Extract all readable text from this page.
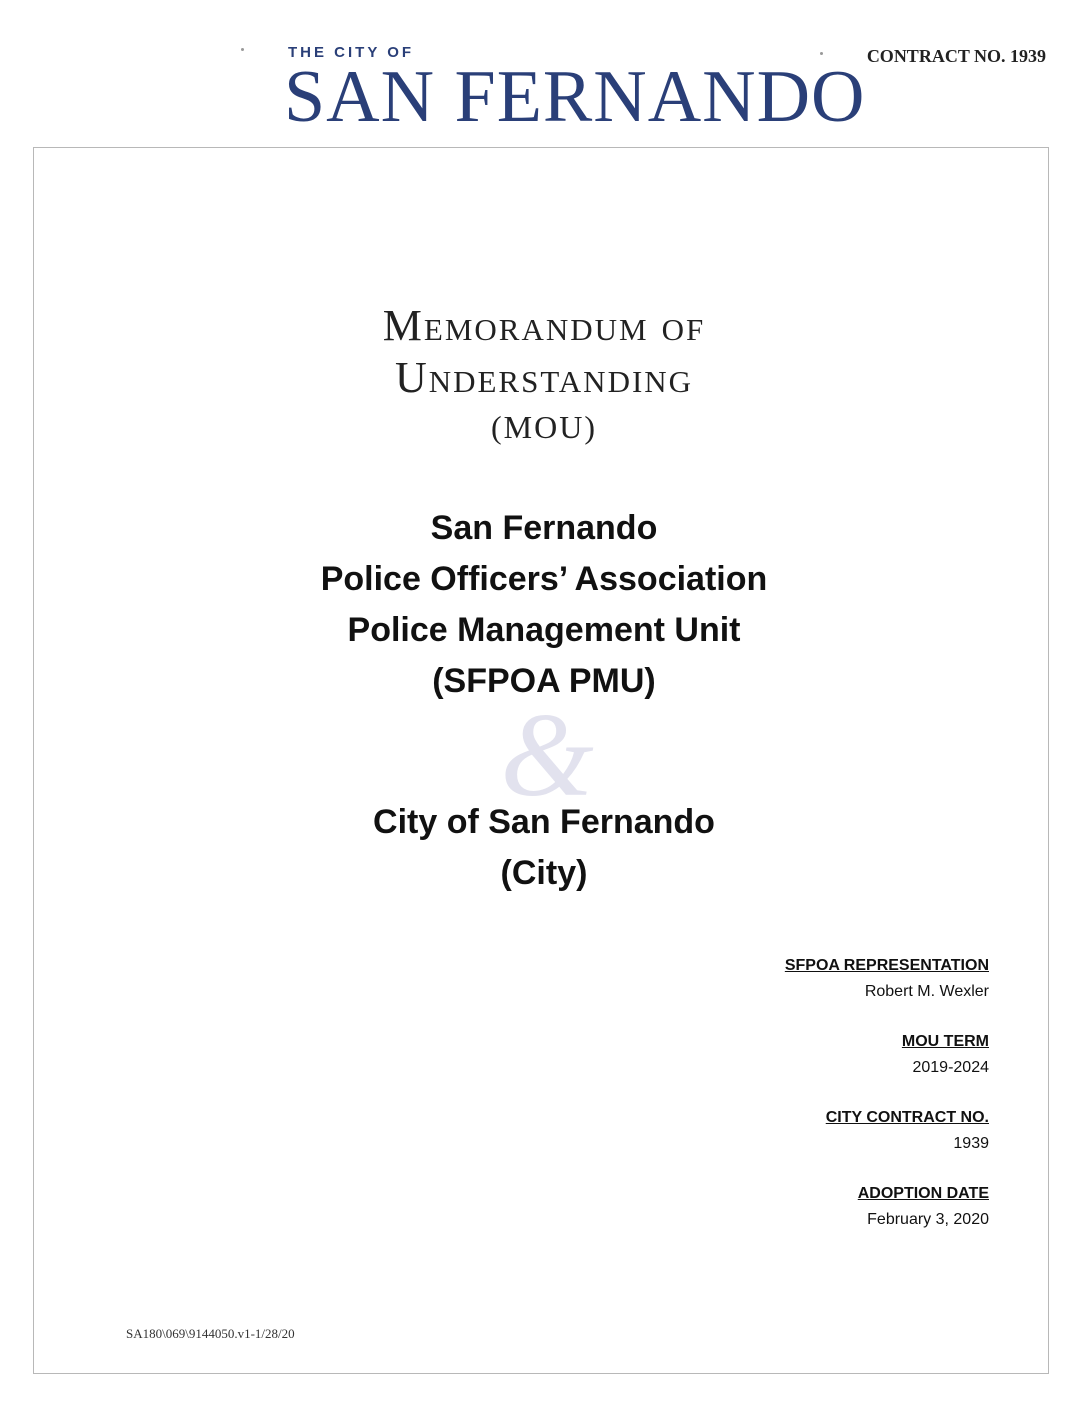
THE CITY OF
SAN FERNANDO CONTRACT NO. 1939
Memorandum of
Understanding
(MOU)
San Fernando
Police Officers’ Association
Police Management Unit
(SFPOA PMU)
&
City of San Fernando
(City)
SFPOA REPRESENTATION
Robert M. Wexler
MOU TERM
2019-2024
CITY CONTRACT NO.
1939
ADOPTION DATE
February 3, 2020
SA180\069\9144050.v1-1/28/20
